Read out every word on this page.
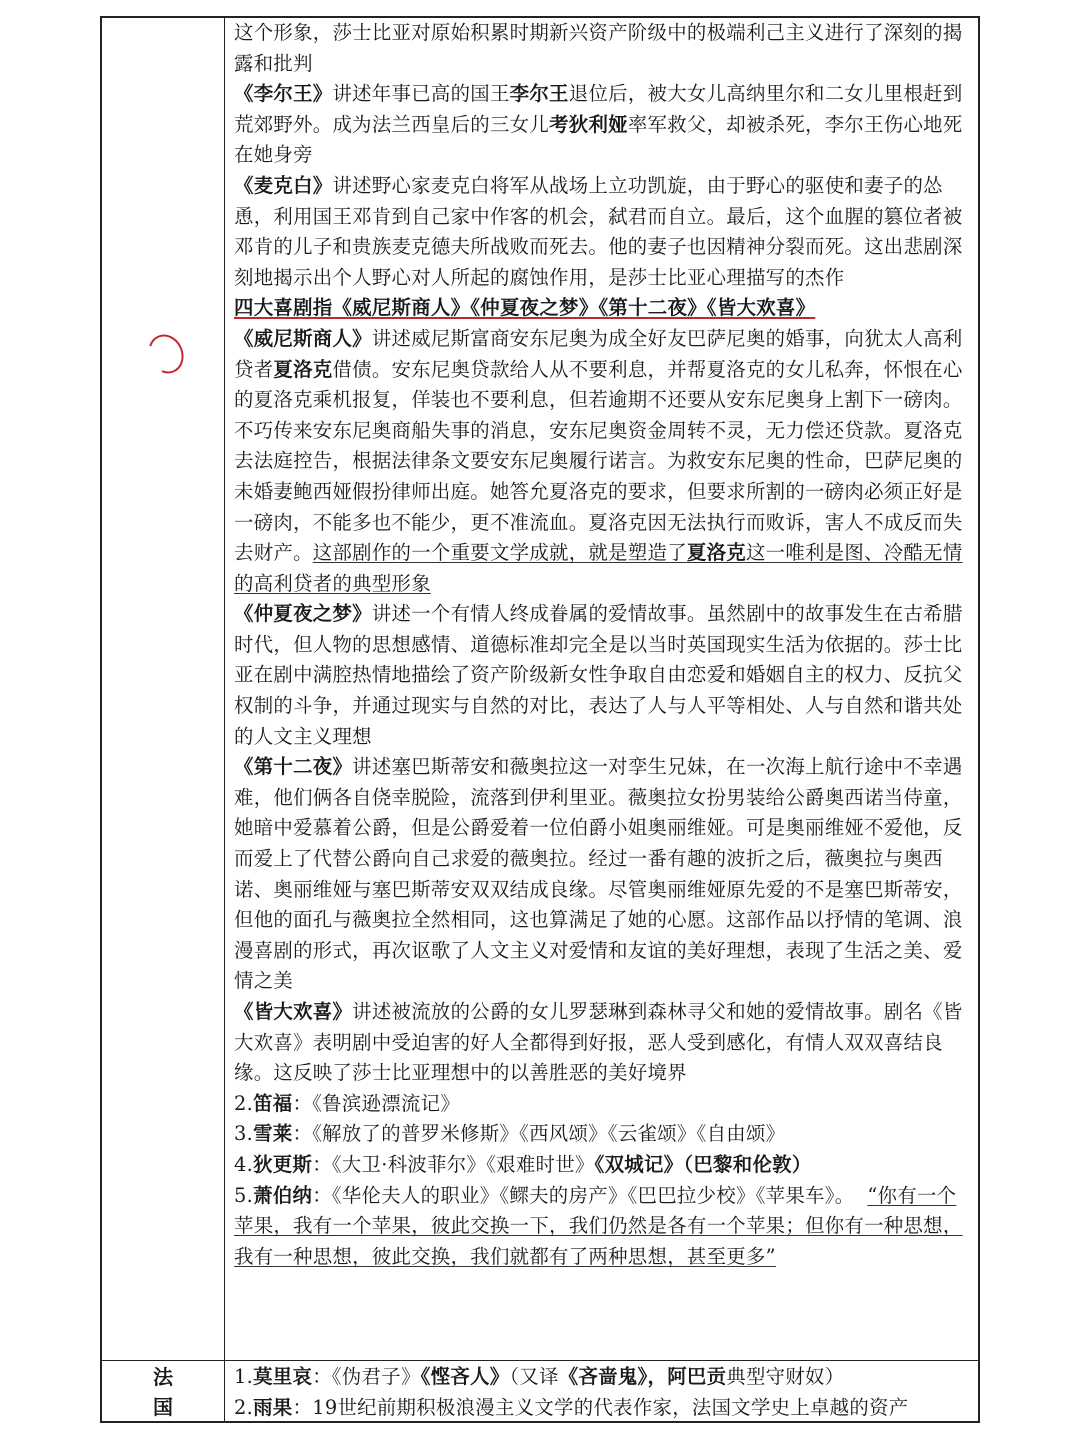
这个形象，莎士比亚对原始积累时期新兴资产阶级中的极端利己主义进行了深刻的揭露和批判

《李尔王》讲述年事已高的国王李尔王退位后，被大女儿高纳里尔和二女儿里根赶到荒郊野外。成为法兰西皇后的三女儿考狄利娅率军救父，却被杀死，李尔王伤心地死在她身旁

《麦克白》讲述野心家麦克白将军从战场上立功凯旋，由于野心的驱使和妻子的怂恿，利用国王邓肯到自己家中作客的机会，弑君而自立。最后，这个血腥的篡位者被邓肯的儿子和贵族麦克德夫所战败而死去。他的妻子也因精神分裂而死。这出悲剧深刻地揭示出个人野心对人所起的腐蚀作用，是莎士比亚心理描写的杰作

四大喜剧指《威尼斯商人》《仲夏夜之梦》《第十二夜》《皆大欢喜》

《威尼斯商人》讲述威尼斯富商安东尼奥为成全好友巴萨尼奥的婚事，向犹太人高利贷者夏洛克借债。安东尼奥贷款给人从不要利息，并帮夏洛克的女儿私奔，怀恨在心的夏洛克乘机报复，佯装也不要利息，但若逾期不还要从安东尼奥身上割下一磅肉。不巧传来安东尼奥商船失事的消息，安东尼奥资金周转不灵，无力偿还贷款。夏洛克去法庭控告，根据法律条文要安东尼奥履行诺言。为救安东尼奥的性命，巴萨尼奥的未婚妻鲍西娅假扮律师出庭。她答允夏洛克的要求，但要求所割的一磅肉必须正好是一磅肉，不能多也不能少，更不准流血。夏洛克因无法执行而败诉，害人不成反而失去财产。这部剧作的一个重要文学成就，就是塑造了夏洛克这一唯利是图、冷酷无情的高利贷者的典型形象

《仲夏夜之梦》讲述一个有情人终成眷属的爱情故事。虽然剧中的故事发生在古希腊时代，但人物的思想感情、道德标准却完全是以当时英国现实生活为依据的。莎士比亚在剧中满腔热情地描绘了资产阶级新女性争取自由恋爱和婚姻自主的权力、反抗父权制的斗争，并通过现实与自然的对比，表达了人与人平等相处、人与自然和谐共处的人文主义理想

《第十二夜》讲述塞巴斯蒂安和薇奥拉这一对孪生兄妹，在一次海上航行途中不幸遇难，他们俩各自侥幸脱险，流落到伊利里亚。薇奥拉女扮男装给公爵奥西诺当侍童，她暗中爱慕着公爵，但是公爵爱着一位伯爵小姐奥丽维娅。可是奥丽维娅不爱他，反而爱上了代替公爵向自己求爱的薇奥拉。经过一番有趣的波折之后，薇奥拉与奥西诺、奥丽维娅与塞巴斯蒂安双双结成良缘。尽管奥丽维娅原先爱的不是塞巴斯蒂安，但他的面孔与薇奥拉全然相同，这也算满足了她的心愿。这部作品以抒情的笔调、浪漫喜剧的形式，再次讴歌了人文主义对爱情和友谊的美好理想，表现了生活之美、爱情之美

《皆大欢喜》讲述被流放的公爵的女儿罗瑟琳到森林寻父和她的爱情故事。剧名《皆大欢喜》表明剧中受迫害的好人全都得到好报，恶人受到感化，有情人双双喜结良缘。这反映了莎士比亚理想中的以善胜恶的美好境界

2.笛福：《鲁滨逊漂流记》

3.雪莱：《解放了的普罗米修斯》《西风颂》《云雀颂》《自由颂》

4.狄更斯：《大卫·科波菲尔》《艰难时世》《双城记》（巴黎和伦敦）

5.萧伯纳：《华伦夫人的职业》《鳏夫的房产》《巴巴拉少校》《苹果车》。 “你有一个苹果，我有一个苹果，彼此交换一下，我们仍然是各有一个苹果；但你有一种思想，我有一种思想，彼此交换，我们就都有了两种思想，甚至更多”

法
国

1.莫里哀：《伪君子》《悭吝人》（又译《吝啬鬼》，阿巴贡典型守财奴）

2.雨果：19世纪前期积极浪漫主义文学的代表作家，法国文学史上卓越的资产
